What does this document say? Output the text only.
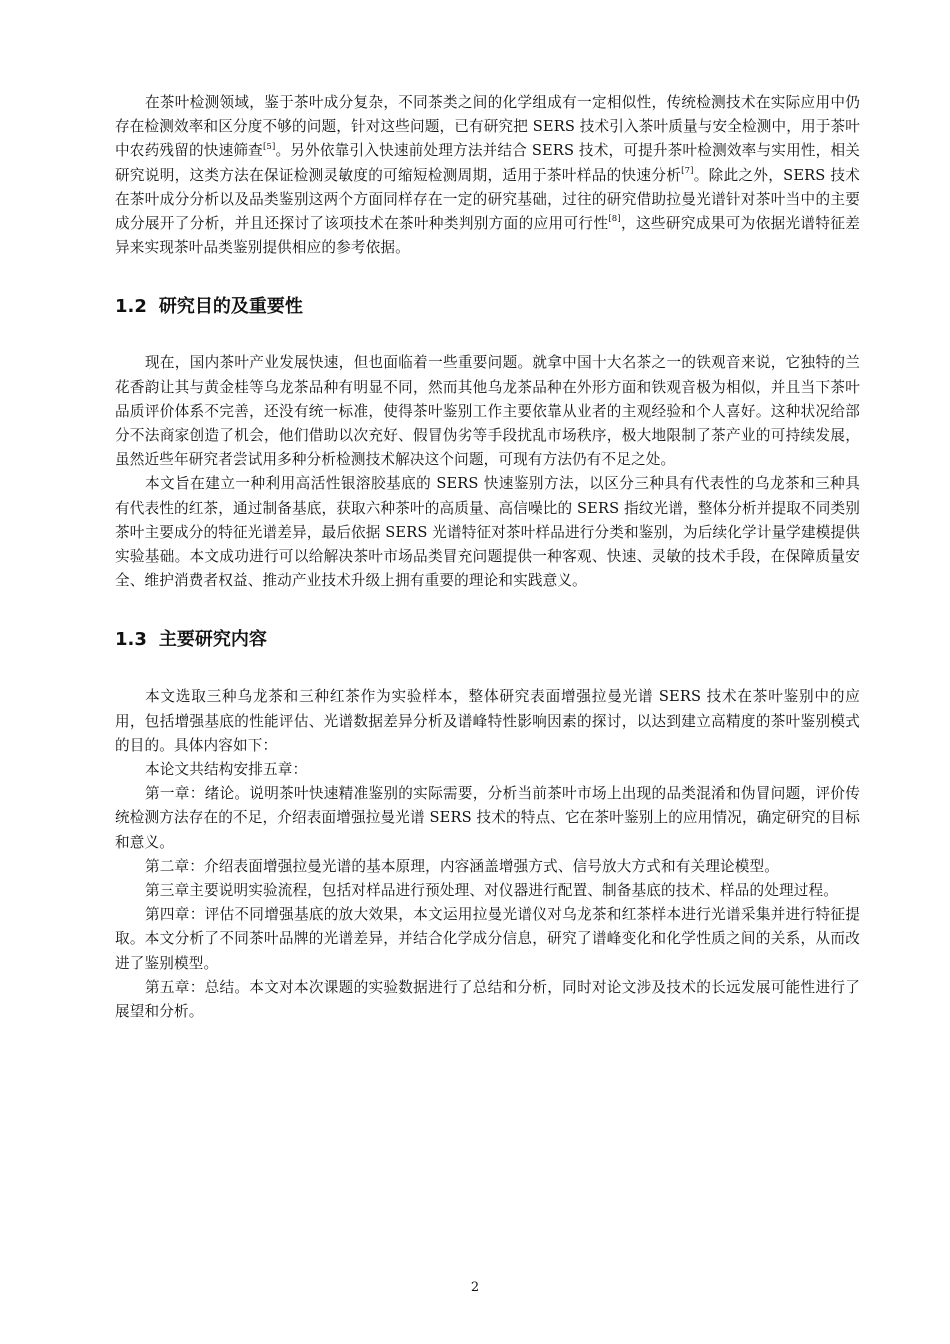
在茶叶检测领域，鉴于茶叶成分复杂，不同茶类之间的化学组成有一定相似性，传统检测技术在实际应用中仍存在检测效率和区分度不够的问题，针对这些问题，已有研究把 SERS 技术引入茶叶质量与安全检测中，用于茶叶中农药残留的快速筛查[5]。另外依靠引入快速前处理方法并结合 SERS 技术，可提升茶叶检测效率与实用性，相关研究说明，这类方法在保证检测灵敏度的可缩短检测周期，适用于茶叶样品的快速分析[7]。除此之外，SERS 技术在茶叶成分分析以及品类鉴别这两个方面同样存在一定的研究基础，过往的研究借助拉曼光谱针对茶叶当中的主要成分展开了分析，并且还探讨了该项技术在茶叶种类判别方面的应用可行性[8]，这些研究成果可为依据光谱特征差异来实现茶叶品类鉴别提供相应的参考依据。

1.2 研究目的及重要性

现在，国内茶叶产业发展快速，但也面临着一些重要问题。就拿中国十大名茶之一的铁观音来说，它独特的兰花香韵让其与黄金桂等乌龙茶品种有明显不同，然而其他乌龙茶品种在外形方面和铁观音极为相似，并且当下茶叶品质评价体系不完善，还没有统一标准，使得茶叶鉴别工作主要依靠从业者的主观经验和个人喜好。这种状况给部分不法商家创造了机会，他们借助以次充好、假冒伪劣等手段扰乱市场秩序，极大地限制了茶产业的可持续发展，虽然近些年研究者尝试用多种分析检测技术解决这个问题，可现有方法仍有不足之处。

本文旨在建立一种利用高活性银溶胶基底的 SERS 快速鉴别方法，以区分三种具有代表性的乌龙茶和三种具有代表性的红茶，通过制备基底，获取六种茶叶的高质量、高信噪比的 SERS 指纹光谱，整体分析并提取不同类别茶叶主要成分的特征光谱差异，最后依据 SERS 光谱特征对茶叶样品进行分类和鉴别，为后续化学计量学建模提供实验基础。本文成功进行可以给解决茶叶市场品类冒充问题提供一种客观、快速、灵敏的技术手段，在保障质量安全、维护消费者权益、推动产业技术升级上拥有重要的理论和实践意义。

1.3 主要研究内容

本文选取三种乌龙茶和三种红茶作为实验样本，整体研究表面增强拉曼光谱 SERS 技术在茶叶鉴别中的应用，包括增强基底的性能评估、光谱数据差异分析及谱峰特性影响因素的探讨，以达到建立高精度的茶叶鉴别模式的目的。具体内容如下：

本论文共结构安排五章：

第一章：绪论。说明茶叶快速精准鉴别的实际需要，分析当前茶叶市场上出现的品类混淆和伪冒问题，评价传统检测方法存在的不足，介绍表面增强拉曼光谱 SERS 技术的特点、它在茶叶鉴别上的应用情况，确定研究的目标和意义。

第二章：介绍表面增强拉曼光谱的基本原理，内容涵盖增强方式、信号放大方式和有关理论模型。

第三章主要说明实验流程，包括对样品进行预处理、对仪器进行配置、制备基底的技术、样品的处理过程。

第四章：评估不同增强基底的放大效果，本文运用拉曼光谱仪对乌龙茶和红茶样本进行光谱采集并进行特征提取。本文分析了不同茶叶品牌的光谱差异，并结合化学成分信息，研究了谱峰变化和化学性质之间的关系，从而改进了鉴别模型。

第五章：总结。本文对本次课题的实验数据进行了总结和分析，同时对论文涉及技术的长远发展可能性进行了展望和分析。

2
